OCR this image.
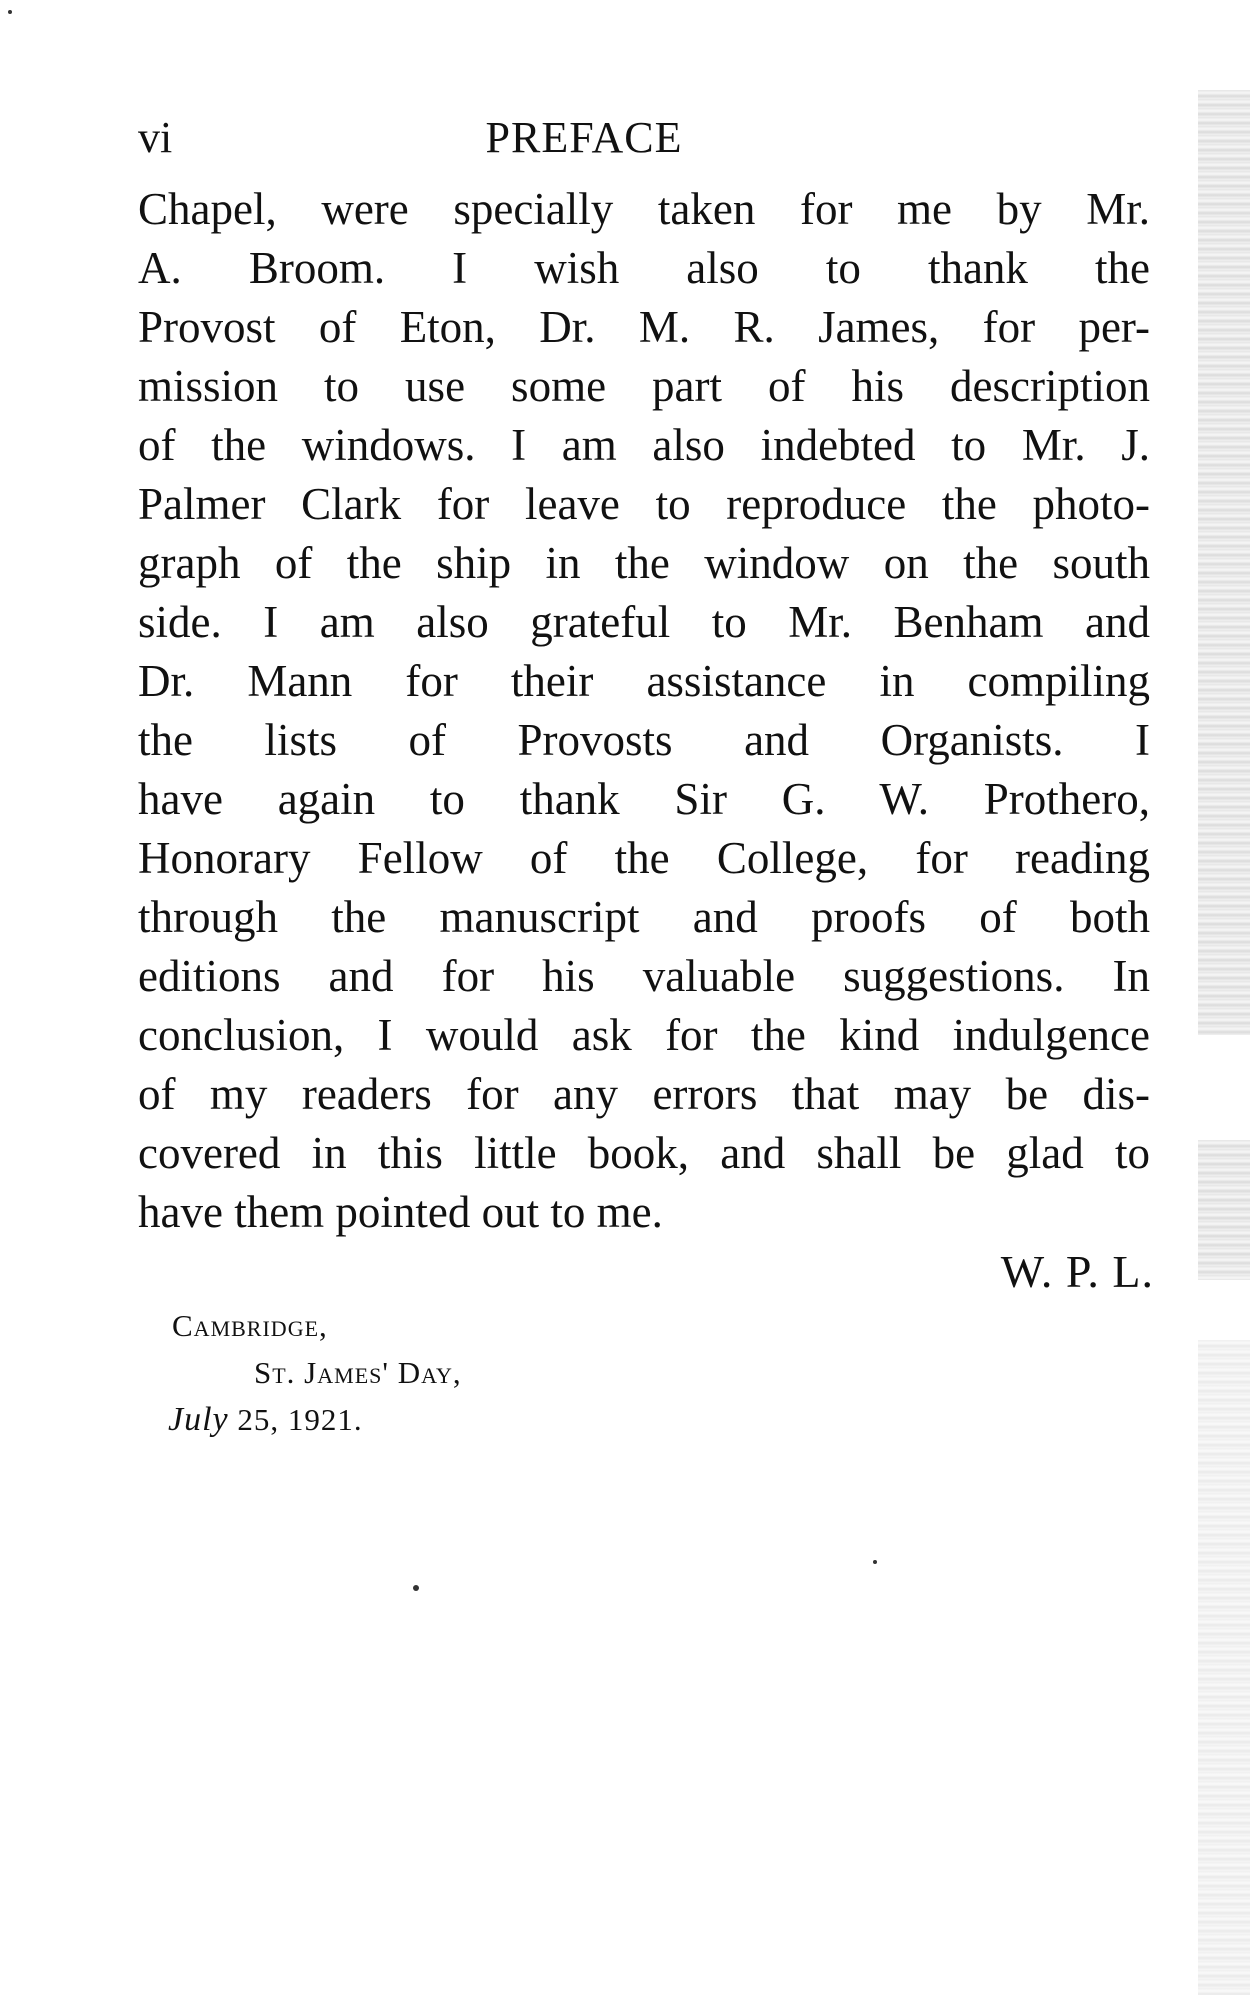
vi	PREFACE
Chapel, were specially taken for me by Mr.
A. Broom. I wish also to thank the
Provost of Eton, Dr. M. R. James, for per-
mission to use some part of his description
of the windows. I am also indebted to Mr. J.
Palmer Clark for leave to reproduce the photo-
graph of the ship in the window on the south
side. I am also grateful to Mr. Benham and
Dr. Mann for their assistance in compiling
the lists of Provosts and Organists. I
have again to thank Sir G. W. Prothero,
Honorary Fellow of the College, for reading
through the manuscript and proofs of both
editions and for his valuable suggestions. In
conclusion, I would ask for the kind indulgence
of my readers for any errors that may be dis-
covered in this little book, and shall be glad to
have them pointed out to me.
W. P. L.
Cambridge,
St. James' Day,
July 25, 1921.
